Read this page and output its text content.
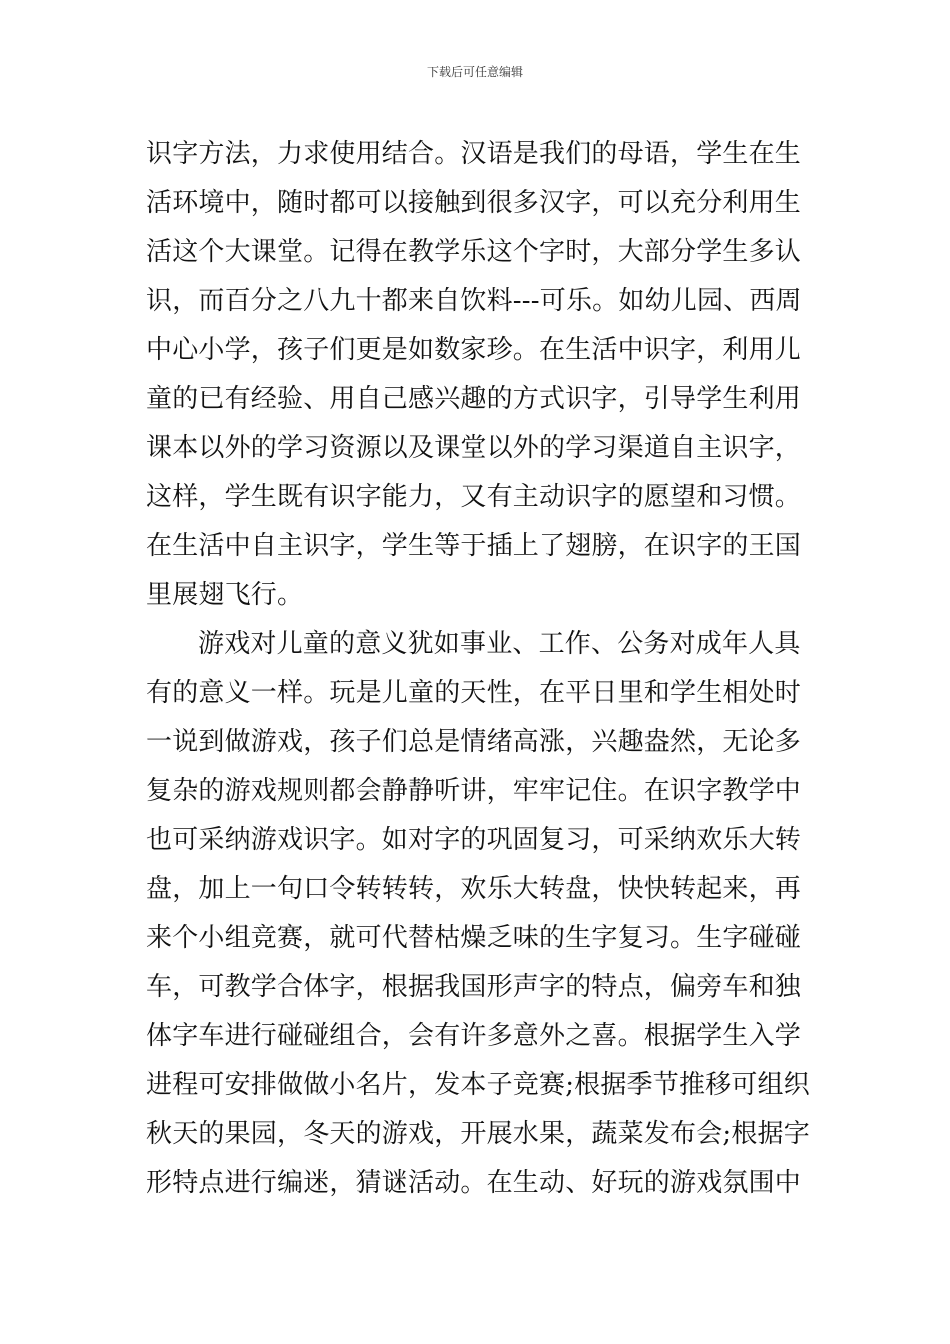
下载后可任意编辑
识字方法，力求使用结合。汉语是我们的母语，学生在生
活环境中，随时都可以接触到很多汉字，可以充分利用生
活这个大课堂。记得在教学乐这个字时，大部分学生多认
识，而百分之八九十都来自饮料---可乐。如幼儿园、西周
中心小学，孩子们更是如数家珍。在生活中识字，利用儿
童的已有经验、用自己感兴趣的方式识字，引导学生利用
课本以外的学习资源以及课堂以外的学习渠道自主识字，
这样，学生既有识字能力，又有主动识字的愿望和习惯。
在生活中自主识字，学生等于插上了翅膀，在识字的王国
里展翅飞行。
游戏对儿童的意义犹如事业、工作、公务对成年人具
有的意义一样。玩是儿童的天性，在平日里和学生相处时
一说到做游戏，孩子们总是情绪高涨，兴趣盎然，无论多
复杂的游戏规则都会静静听讲，牢牢记住。在识字教学中
也可采纳游戏识字。如对字的巩固复习，可采纳欢乐大转
盘，加上一句口令转转转，欢乐大转盘，快快转起来，再
来个小组竞赛，就可代替枯燥乏味的生字复习。生字碰碰
车，可教学合体字，根据我国形声字的特点，偏旁车和独
体字车进行碰碰组合，会有许多意外之喜。根据学生入学
进程可安排做做小名片，发本子竞赛;根据季节推移可组织
秋天的果园，冬天的游戏，开展水果，蔬菜发布会;根据字
形特点进行编迷，猜谜活动。在生动、好玩的游戏氛围中
